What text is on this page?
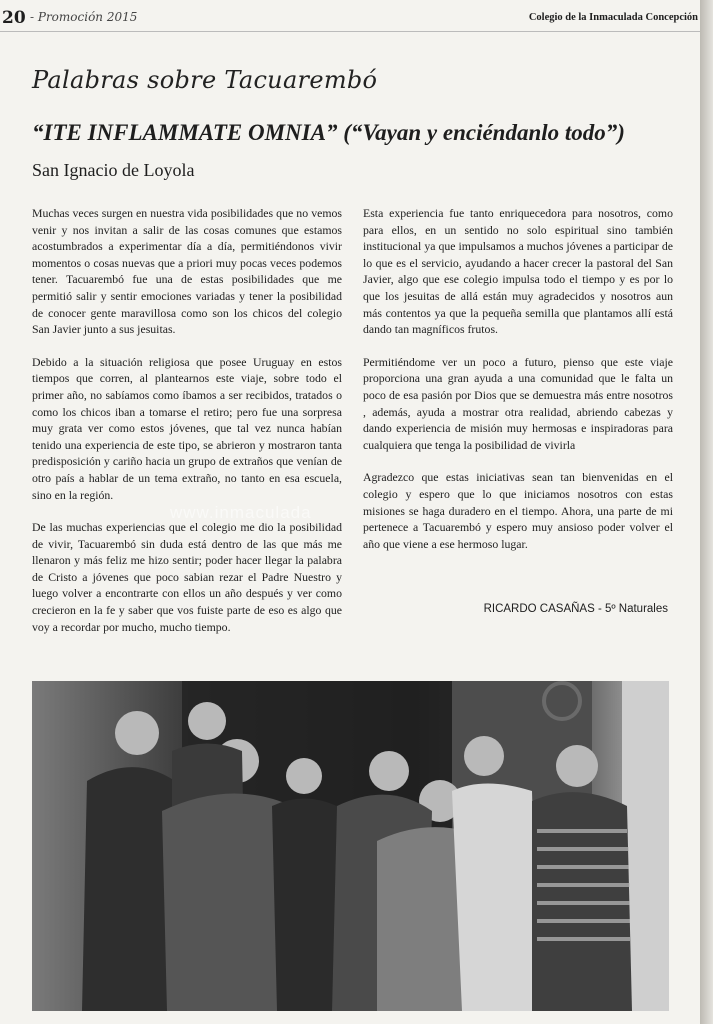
20 - Promoción 2015	Colegio de la Inmaculada Concepción
Palabras sobre Tacuarembó
“ITE INFLAMMATE OMNIA” (“Vayan y enciéndanlo todo”)
San Ignacio de Loyola

Muchas veces surgen en nuestra vida posibilidades que no vemos venir y nos invitan a salir de las cosas comunes que estamos acostumbrados a experimentar día a día, permitiéndonos vivir momentos o cosas nuevas que a priori muy pocas veces podemos tener. Tacuarembó fue una de estas posibilidades que me permitió salir y sentir emociones variadas y tener la posibilidad de conocer gente maravillosa como son los chicos del colegio San Javier junto a sus jesuitas.

Debido a la situación religiosa que posee Uruguay en estos tiempos que corren, al plantearnos este viaje, sobre todo el primer año, no sabíamos como íbamos a ser recibidos, tratados o como los chicos iban a tomarse el retiro; pero fue una sorpresa muy grata ver como estos jóvenes, que tal vez nunca habían tenido una experiencia de este tipo, se abrieron y mostraron tanta predisposición y cariño hacia un grupo de extraños que venían de otro país a hablar de un tema extraño, no tanto en esa escuela, sino en la región.

De las muchas experiencias que el colegio me dio la posibilidad de vivir, Tacuarembó sin duda está dentro de las que más me llenaron y más feliz me hizo sentir; poder hacer llegar la palabra de Cristo a jóvenes que poco sabian rezar el Padre Nuestro y luego volver a encontrarte con ellos un año después y ver como crecieron en la fe y saber que vos fuiste parte de eso es algo que voy a recordar por mucho, mucho tiempo.

Esta experiencia fue tanto enriquecedora para nosotros, como para ellos, en un sentido no solo espiritual sino también institucional ya que impulsamos a muchos jóvenes a participar de lo que es el servicio, ayudando a hacer crecer la pastoral del San Javier, algo que ese colegio impulsa todo el tiempo y es por lo que los jesuitas de allá están muy agradecidos y nosotros aun más contentos ya que la pequeña semilla que plantamos allí está dando tan magníficos frutos.

Permitiéndome ver un poco a futuro, pienso que este viaje proporciona una gran ayuda a una comunidad que le falta un poco de esa pasión por Dios que se demuestra más entre nosotros , además, ayuda a mostrar otra realidad, abriendo cabezas y dando experiencia de misión muy hermosas e inspiradoras para cualquiera que tenga la posibilidad de vivirla

Agradezco que estas iniciativas sean tan bienvenidas en el colegio y espero que lo que iniciamos nosotros con estas misiones se haga duradero en el tiempo. Ahora, una parte de mi pertenece a Tacuarembó y espero muy ansioso poder volver el año que viene a ese hermoso lugar.

www.inmaculada
RICARDO CASAÑAS - 5º Naturales
